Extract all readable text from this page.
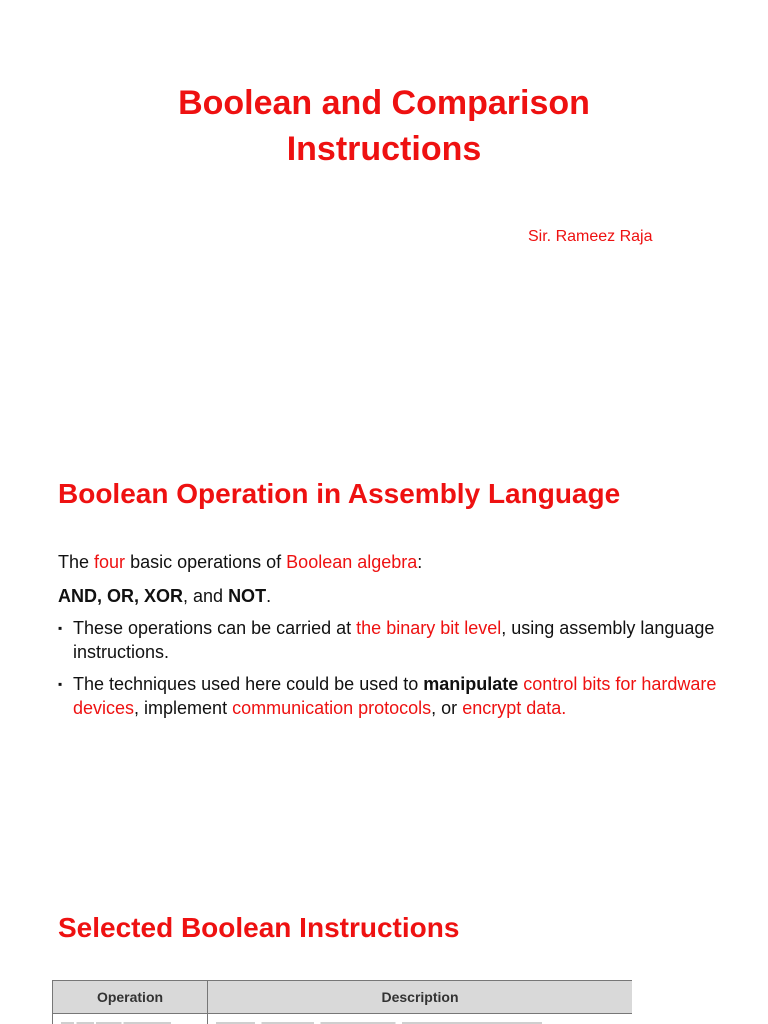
Boolean and Comparison
Instructions

Sir. Rameez Raja

Boolean Operation in Assembly Language

The four basic operations of Boolean algebra:

AND, OR, XOR, and NOT.

▪ These operations can be carried at the binary bit level, using assembly language instructions.
▪ The techniques used here could be used to manipulate control bits for hardware devices, implement communication protocols, or encrypt data.
Selected Boolean Instructions
Operation	Description
